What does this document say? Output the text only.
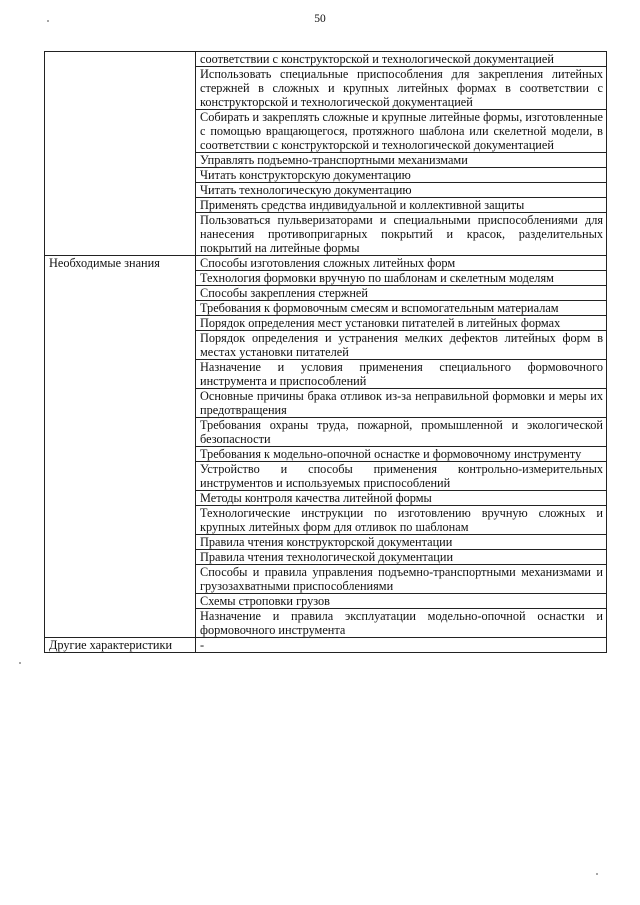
50

	соответствии с конструкторской и технологической документацией

	Использовать специальные приспособления для закрепления литейных стержней в сложных и крупных литейных формах в соответствии с конструкторской и технологической документацией

	Собирать и закреплять сложные и крупные литейные формы, изготовленные с помощью вращающегося, протяжного шаблона или скелетной модели, в соответствии с конструкторской и технологической документацией

	Управлять подъемно-транспортными механизмами

	Читать конструкторскую документацию

	Читать технологическую документацию

	Применять средства индивидуальной и коллективной защиты

	Пользоваться пульверизаторами и специальными приспособлениями для нанесения противопригарных покрытий и красок, разделительных покрытий на литейные формы

Необходимые знания	Способы изготовления сложных литейных форм

	Технология формовки вручную по шаблонам и скелетным моделям

	Способы закрепления стержней

	Требования к формовочным смесям и вспомогательным материалам

	Порядок определения мест установки питателей в литейных формах

	Порядок определения и устранения мелких дефектов литейных форм в местах установки питателей

	Назначение и условия применения специального формовочного инструмента и приспособлений

	Основные причины брака отливок из-за неправильной формовки и меры их предотвращения

	Требования охраны труда, пожарной, промышленной и экологической безопасности

	Требования к модельно-опочной оснастке и формовочному инструменту

	Устройство и способы применения контрольно-измерительных инструментов и используемых приспособлений

	Методы контроля качества литейной формы

	Технологические инструкции по изготовлению вручную сложных и крупных литейных форм для отливок по шаблонам

	Правила чтения конструкторской документации

	Правила чтения технологической документации

	Способы и правила управления подъемно-транспортными механизмами и грузозахватными приспособлениями

	Схемы строповки грузов

	Назначение и правила эксплуатации модельно-опочной оснастки и формовочного инструмента

Другие характеристики	-
